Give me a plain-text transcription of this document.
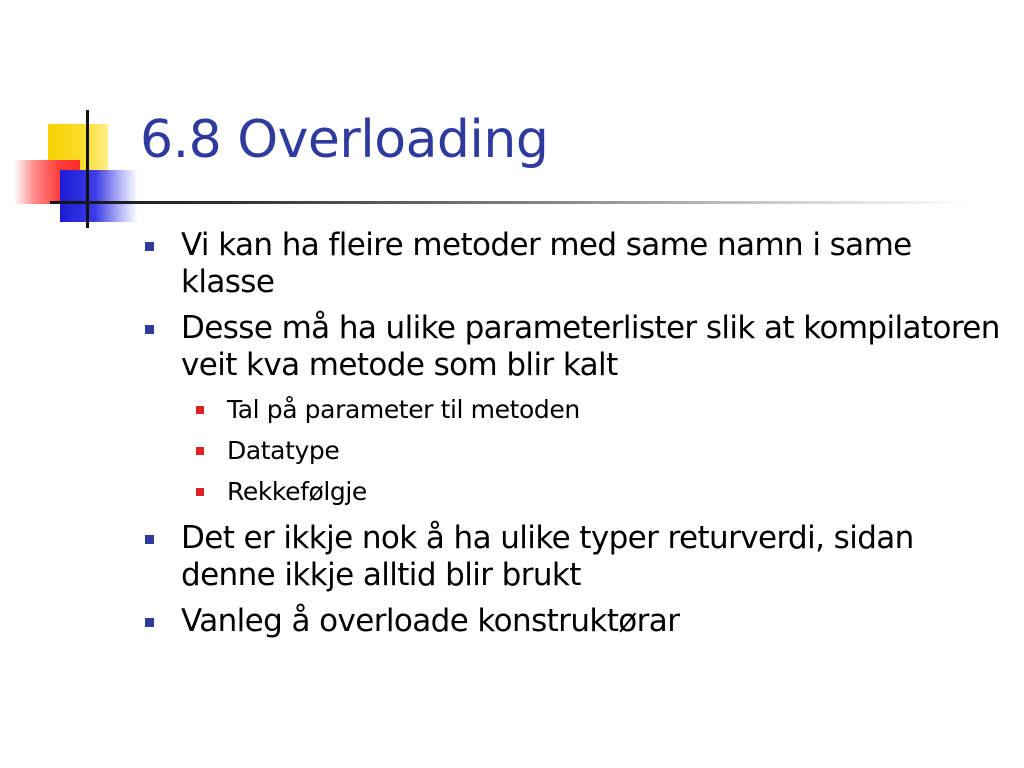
6.8 Overloading
Vi kan ha fleire metoder med same namn i same klasse
Desse må ha ulike parameterlister slik at kompilatoren veit kva metode som blir kalt
Tal på parameter til metoden
Datatype
Rekkefølgje
Det er ikkje nok å ha ulike typer returverdi, sidan denne ikkje alltid blir brukt
Vanleg å overloade konstruktørar
